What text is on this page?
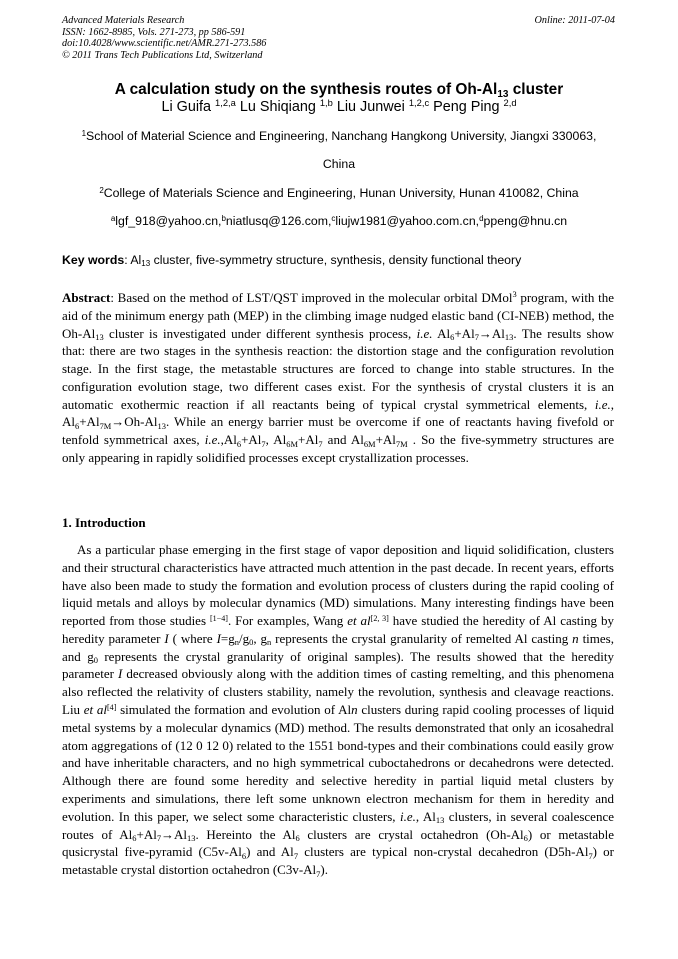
Advanced Materials Research
ISSN: 1662-8985, Vols. 271-273, pp 586-591
doi:10.4028/www.scientific.net/AMR.271-273.586
© 2011 Trans Tech Publications Ltd, Switzerland
Online: 2011-07-04
A calculation study on the synthesis routes of $Oh-Al_{13}$ cluster
Li Guifa $^{1,2,a}$ Lu Shiqiang $^{1,b}$ Liu Junwei $^{1,2,c}$ Peng Ping $^{2,d}$
$^1$School of Material Science and Engineering, Nanchang Hangkong University, Jiangxi 330063,
China
$^2$College of Materials Science and Engineering, Hunan University, Hunan 410082, China
$^a$lgf_918@yahoo.cn,$^b$niatlusq@126.com,$^c$liujw1981@yahoo.com.cn,$^d$ppeng@hnu.cn
Key words: $Al_{13}$ cluster, five-symmetry structure, synthesis, density functional theory
Abstract: Based on the method of LST/QST improved in the molecular orbital DMol$^3$ program, with the aid of the minimum energy path (MEP) in the climbing image nudged elastic band (CI-NEB) method, the $Oh-Al_{13}$ cluster is investigated under different synthesis process, i.e. $Al_6+Al_7\to Al_{13}$. The results show that: there are two stages in the synthesis reaction: the distortion stage and the configuration revolution stage. In the first stage, the metastable structures are forced to change into stable structures. In the configuration evolution stage, two different cases exist. For the synthesis of crystal clusters it is an automatic exothermic reaction if all reactants being of typical crystal symmetrical elements, i.e., $Al_6+Al_{7M}\to Oh-Al_{13}$. While an energy barrier must be overcome if one of reactants having fivefold or tenfold symmetrical axes, $i.e.,Al_6+Al_7$, $Al_{6M}+Al_7$ and $Al_{6M}+Al_{7M}$ . So the five-symmetry structures are only appearing in rapidly solidified processes except crystallization processes.
1. Introduction
As a particular phase emerging in the first stage of vapor deposition and liquid solidification, clusters and their structural characteristics have attracted much attention in the past decade. In recent years, efforts have also been made to study the formation and evolution process of clusters during the rapid cooling of liquid metals and alloys by molecular dynamics (MD) simulations. Many interesting findings have been reported from those studies [1−4]. For examples, Wang et al[2, 3] have studied the heredity of Al casting by heredity parameter I ( where $I=g_n/g_0$, $g_n$ represents the crystal granularity of remelted Al casting n times, and $g_0$ represents the crystal granularity of original samples). The results showed that the heredity parameter I decreased obviously along with the addition times of casting remelting, and this phenomena also reflected the relativity of clusters stability, namely the revolution, synthesis and cleavage reactions. Liu et al[4] simulated the formation and evolution of Aln clusters during rapid cooling processes of liquid metal systems by a molecular dynamics (MD) method. The results demonstrated that only an icosahedral atom aggregations of (12 0 12 0) related to the 1551 bond-types and their combinations could easily grow and have inheritable characters, and no high symmetrical cuboctahedrons or decahedrons were detected. Although there are found some heredity and selective heredity in partial liquid metal clusters by experiments and simulations, there left some unknown electron mechanism for them in heredity and evolution. In this paper, we select some characteristic clusters, i.e., $Al_{13}$ clusters, in several coalescence routes of $Al_6+Al_7\to Al_{13}$. Hereinto the $Al_6$ clusters are crystal octahedron $(Oh-Al_6)$ or metastable qusicrystal five-pyramid $(C5v-Al_6)$ and $Al_7$ clusters are typical non-crystal decahedron $(D5h-Al_7)$ or metastable crystal distortion octahedron $(C3v-Al_7)$.
